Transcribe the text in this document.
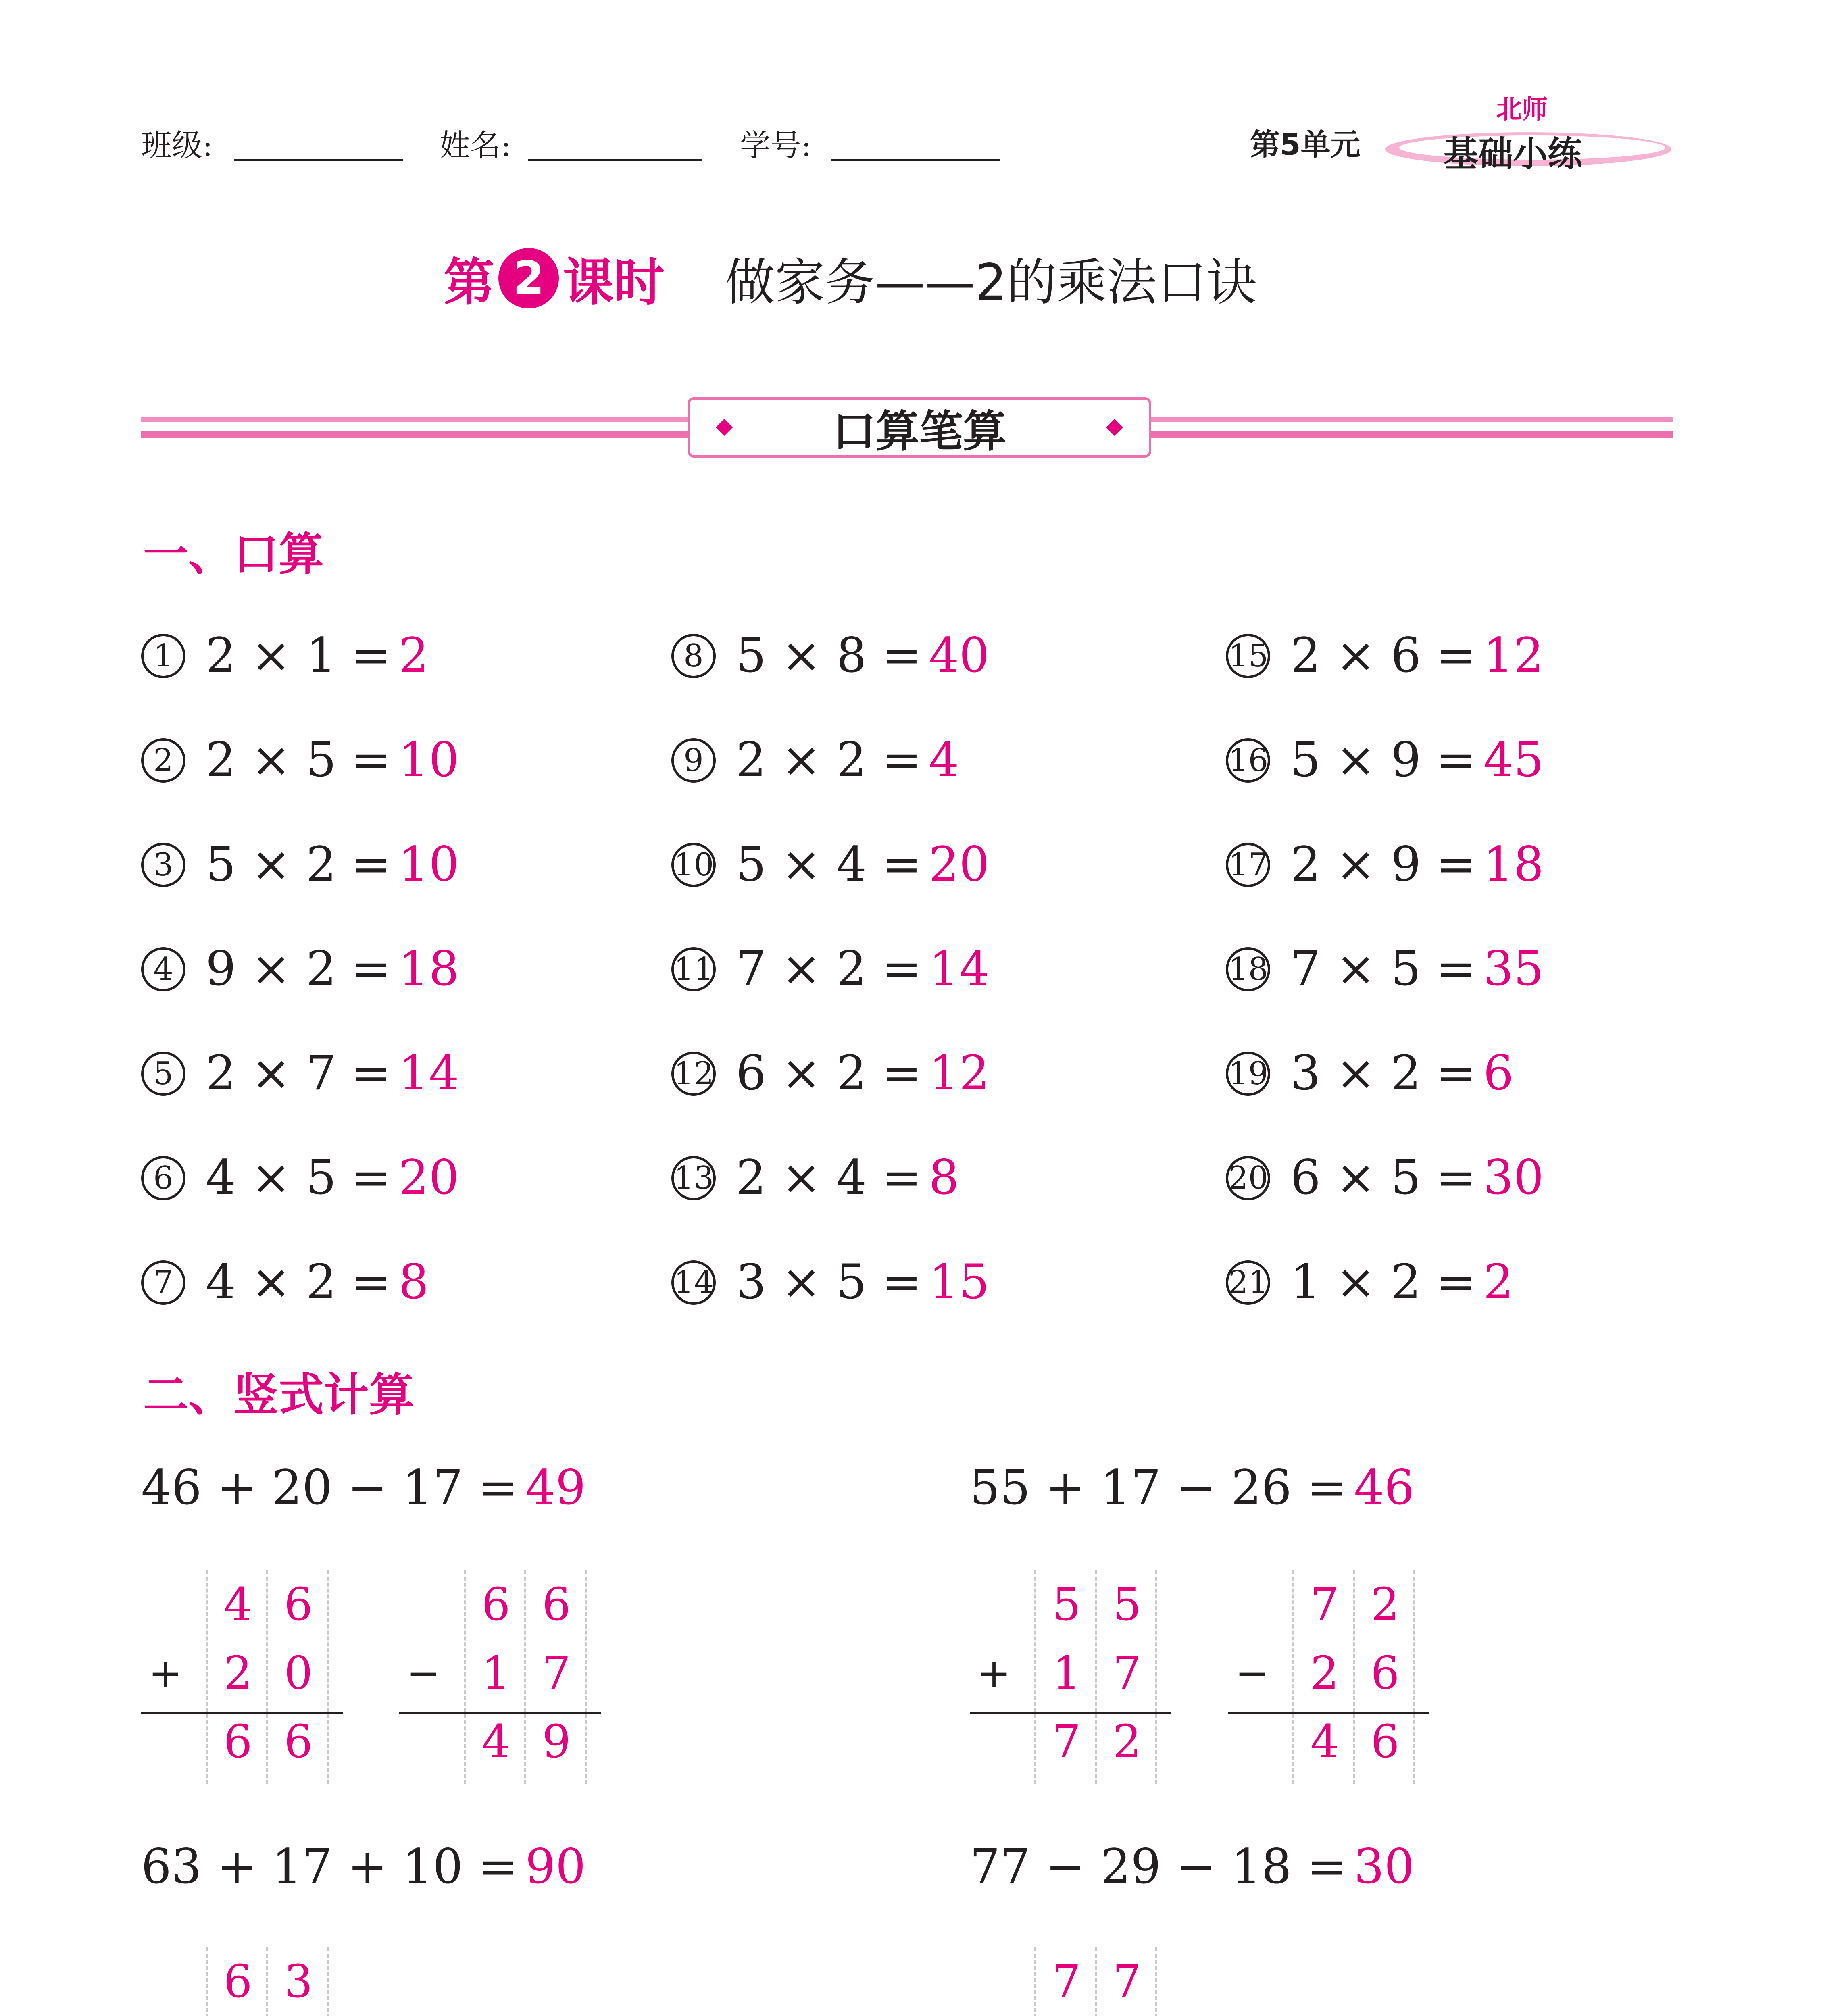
班级:	姓名:	学号:	第5单元
北师
基础小练
第 2 课时 做家务——2的乘法口诀
口算笔算
一、口算
1 2 × 1 = 2
2 2 × 5 = 10
3 5 × 2 = 10
4 9 × 2 = 18
5 2 × 7 = 14
6 4 × 5 = 20
7 4 × 2 = 8
8 5 × 8 = 40
9 2 × 2 = 4
10 5 × 4 = 20
11 7 × 2 = 14
12 6 × 2 = 12
13 2 × 4 = 8
14 3 × 5 = 15
15 2 × 6 = 12
16 5 × 9 = 45
17 2 × 9 = 18
18 7 × 5 = 35
19 3 × 2 = 6
20 6 × 5 = 30
21 1 × 2 = 2
二、竖式计算
46 + 20 − 17 = 49
4 6
+ 2 0
6 6
6 6
− 1 7
4 9
55 + 17 − 26 = 46
5 5
+ 1 7
7 2
7 2
− 2 6
4 6
63 + 17 + 10 = 90
6 3
77 − 29 − 18 = 30
7 7
